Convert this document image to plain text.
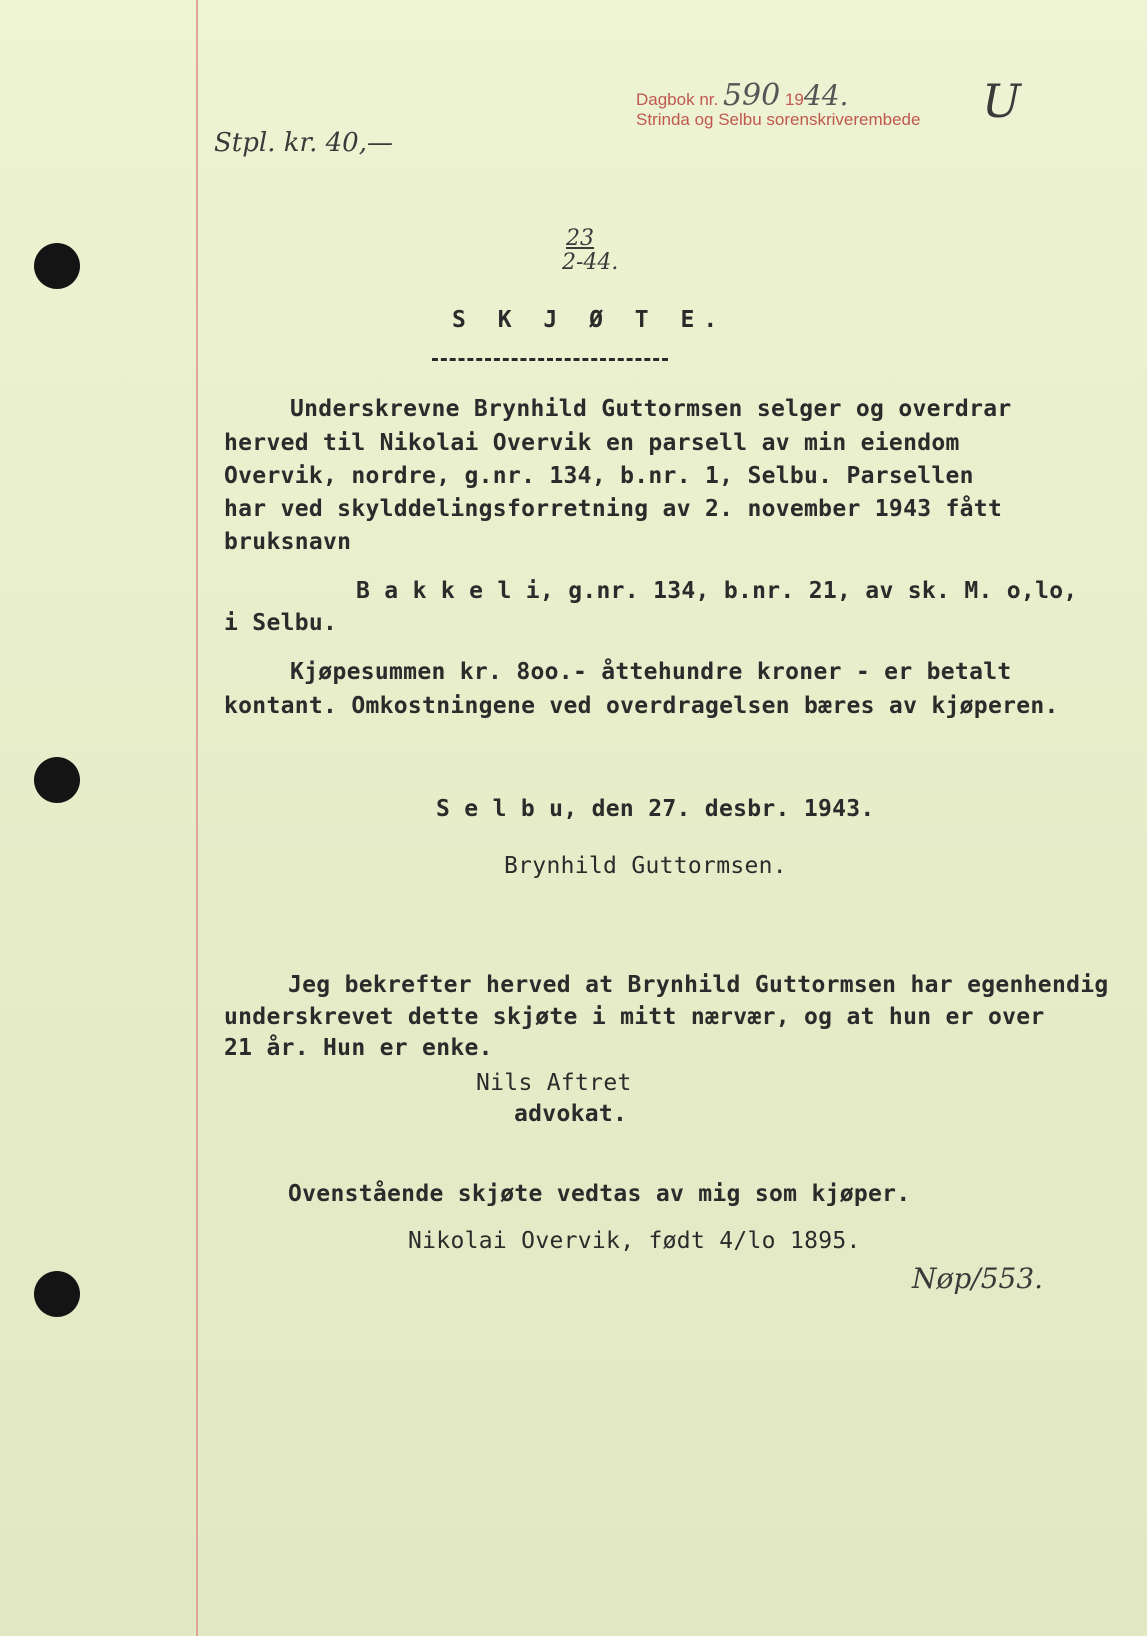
Dagbok nr. 590 1944.
Strinda og Selbu sorenskriverembede U
Stpl. kr. 40,—
23
2-44.
S K J Ø T E.
Underskrevne Brynhild Guttormsen selger og overdrar
herved til Nikolai Overvik en parsell av min eiendom
Overvik, nordre, g.nr. 134, b.nr. 1, Selbu. Parsellen
har ved skylddelingsforretning av 2. november 1943 fått
bruksnavn
B a k k e l i, g.nr. 134, b.nr. 21, av sk. M. o,lo,
i Selbu.
Kjøpesummen kr. 8oo.- åttehundre kroner - er betalt
kontant. Omkostningene ved overdragelsen bæres av kjøperen.
S e l b u, den 27. desbr. 1943.
Brynhild Guttormsen.
Jeg bekrefter herved at Brynhild Guttormsen har egenhendig
underskrevet dette skjøte i mitt nærvær, og at hun er over
21 år. Hun er enke.
Nils Aftret
advokat.
Ovenstående skjøte vedtas av mig som kjøper.
Nikolai Overvik, født 4/lo 1895.
Nøp/553.
